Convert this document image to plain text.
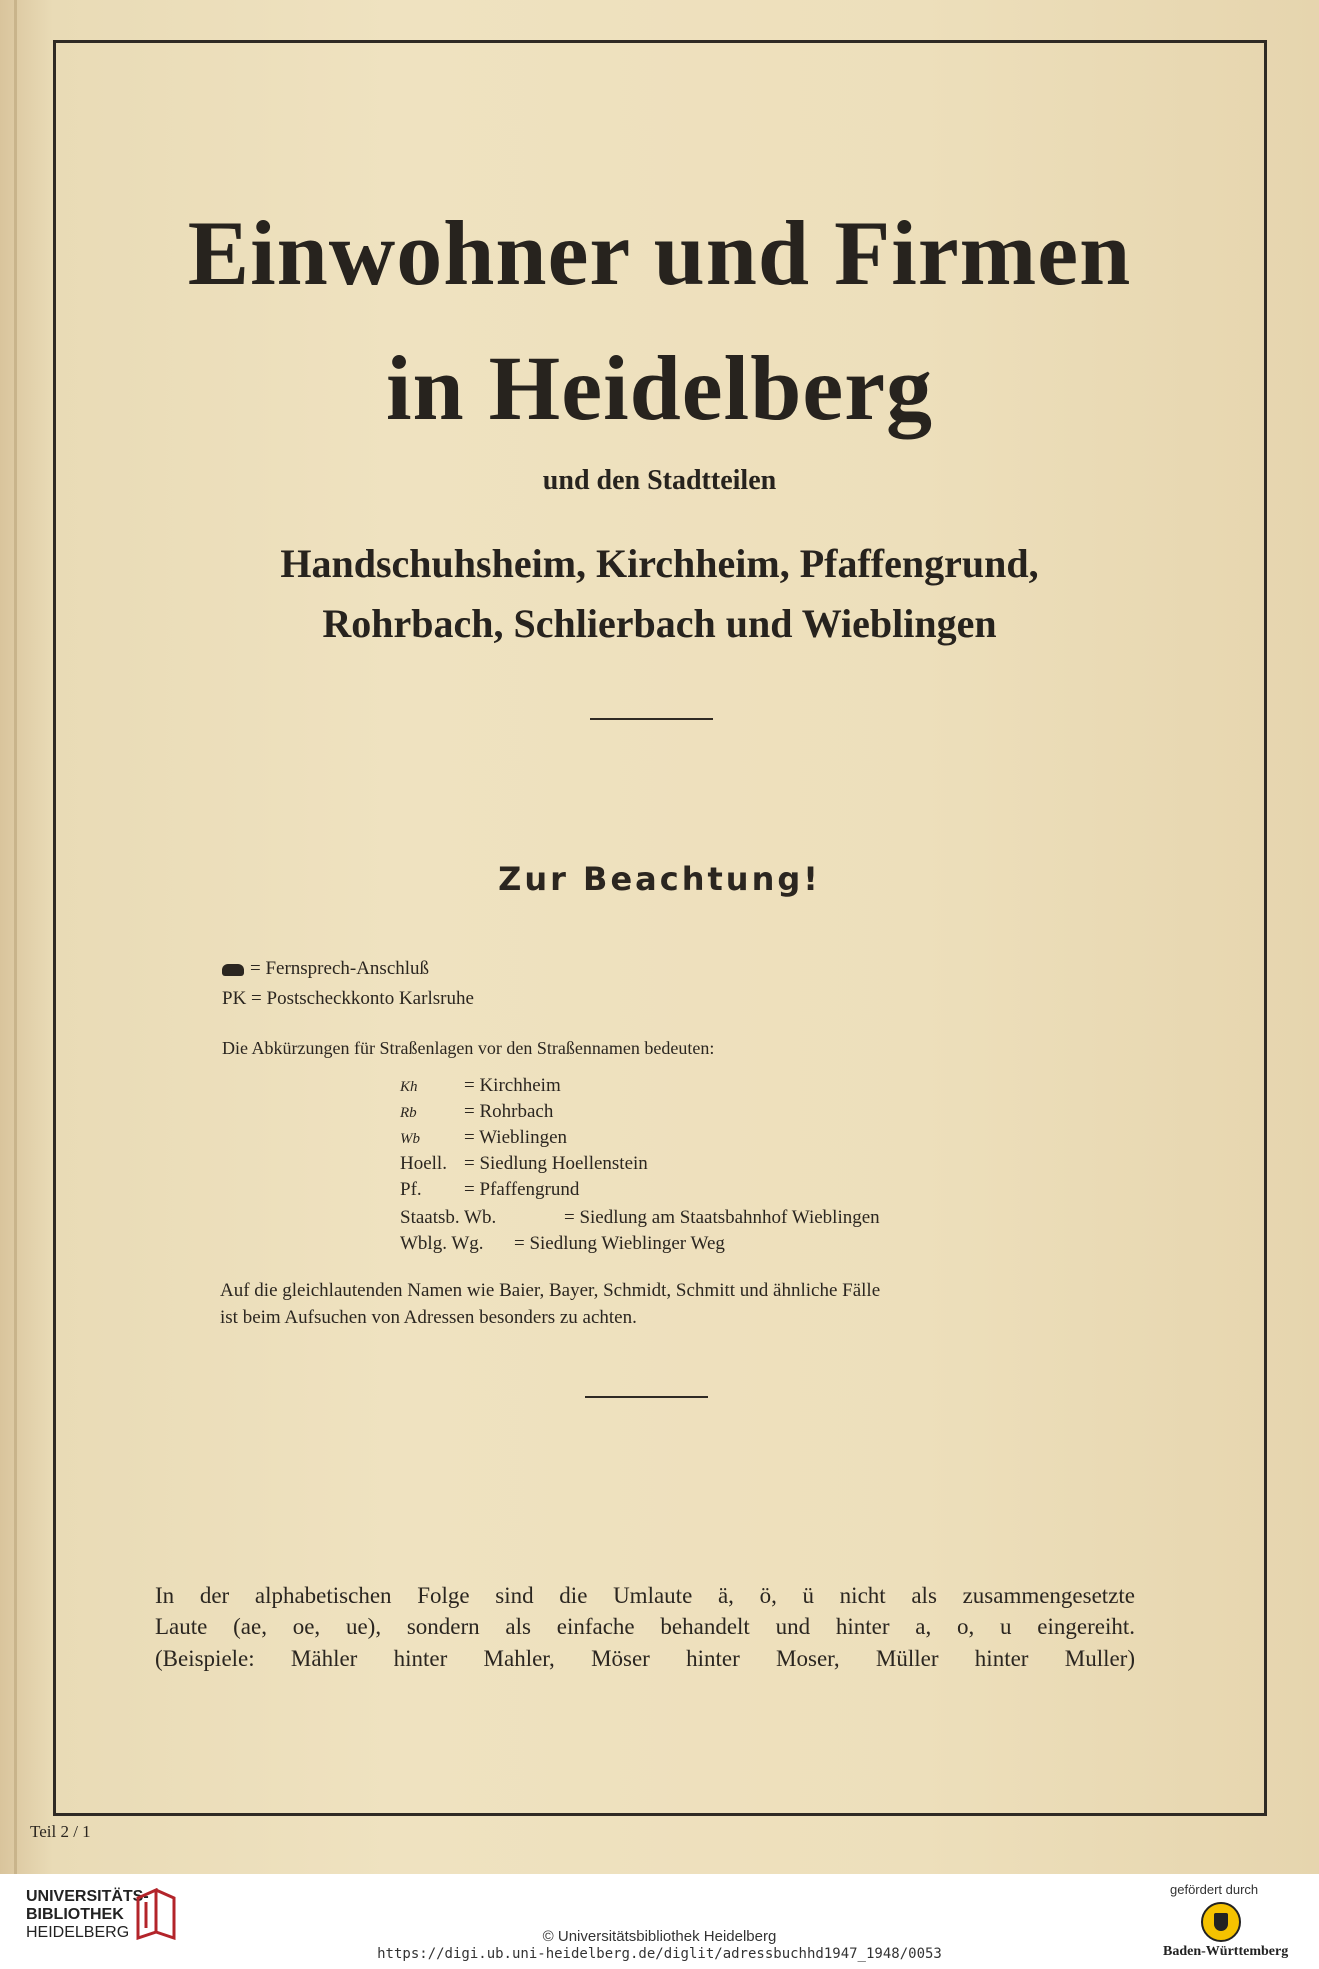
Einwohner und Firmen
in Heidelberg
und den Stadtteilen
Handschuhsheim, Kirchheim, Pfaffengrund,
Rohrbach, Schlierbach und Wieblingen
Zur Beachtung!
= Fernsprech-Anschluß
PK = Postscheckkonto Karlsruhe
Die Abkürzungen für Straßenlagen vor den Straßennamen bedeuten:
Kh = Kirchheim
Rb = Rohrbach
Wb = Wieblingen
Hoell. = Siedlung Hoellenstein
Pf. = Pfaffengrund
Staatsb. Wb.	= Siedlung am Staatsbahnhof Wieblingen
Wblg. Wg. = Siedlung Wieblinger Weg
Auf die gleichlautenden Namen wie Baier, Bayer, Schmidt, Schmitt und ähnliche Fälle
ist beim Aufsuchen von Adressen besonders zu achten.
In der alphabetischen Folge sind die Umlaute ä, ö, ü nicht als zusammengesetzte
Laute (ae, oe, ue), sondern als einfache behandelt und hinter a, o, u eingereiht.
(Beispiele: Mähler hinter Mahler, Möser hinter Moser, Müller hinter Muller)
Teil 2 / 1
UNIVERSITÄTS-
BIBLIOTHEK
HEIDELBERG	© Universitätsbibliothek Heidelberg
https://digi.ub.uni-heidelberg.de/diglit/adressbuchhd1947_1948/0053
gefördert durch
Baden-Württemberg
